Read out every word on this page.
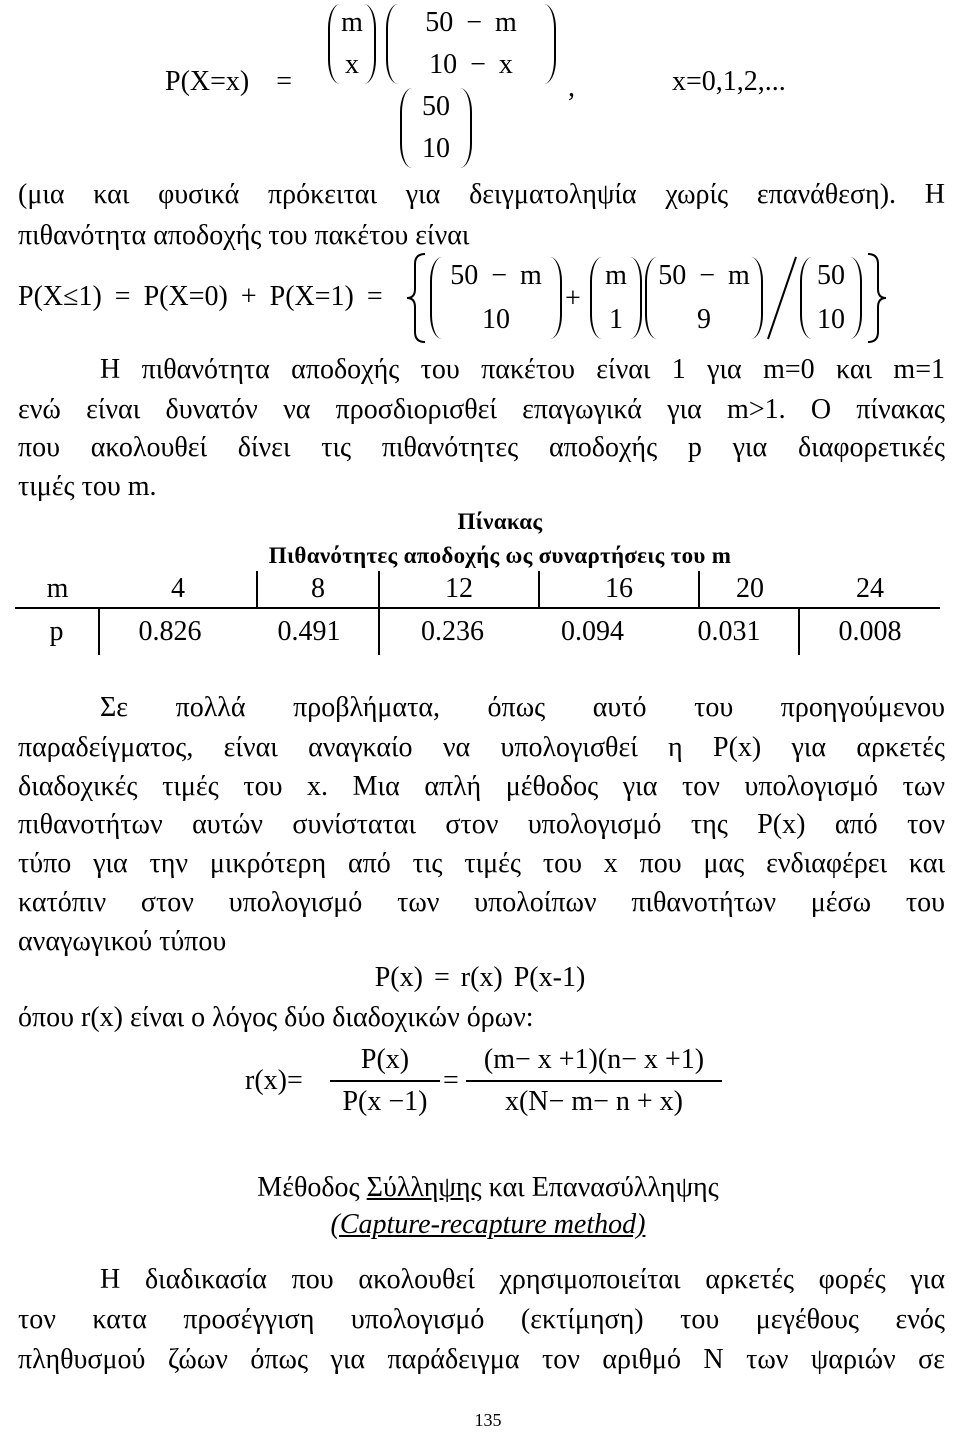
P(X=x) =
m
x
50 − m
10 − x
50
10
,	x=0,1,2,...
(μια και φυσικά πρόκειται για δειγματοληψία χωρίς επανάθεση). Η
πιθανότητα αποδοχής του πακέτου είναι
P(X≤1) = P(X=0) + P(X=1) =
50 − m
10
+
m
1
50 − m
9
50
10
Η πιθανότητα αποδοχής του πακέτου είναι 1 για m=0 και m=1
ενώ είναι δυνατόν να προσδιορισθεί επαγωγικά για m>1. Ο πίνακας
που ακολουθεί δίνει τις πιθανότητες αποδοχής p για διαφορετικές
τιμές του m.
Πίνακας
Πιθανότητες αποδοχής ως συναρτήσεις του m
m	4	8	12	16	20	24
p	0.826	0.491	0.236	0.094	0.031	0.008
Σε πολλά προβλήματα, όπως αυτό του προηγούμενου
παραδείγματος, είναι αναγκαίο να υπολογισθεί η P(x) για αρκετές
διαδοχικές τιμές του x. Μια απλή μέθοδος για τον υπολογισμό των
πιθανοτήτων αυτών συνίσταται στον υπολογισμό της P(x) από τον
τύπο για την μικρότερη από τις τιμές του x που μας ενδιαφέρει και
κατόπιν στον υπολογισμό των υπολοίπων πιθανοτήτων μέσω του
αναγωγικού τύπου
P(x) = r(x) P(x-1)
όπου r(x) είναι ο λόγος δύο διαδοχικών όρων:
r(x)=
P(x)
P(x −1)
=
(m− x +1)(n− x +1)
x(N− m− n + x)
Μέθοδος Σύλληψης και Επανασύλληψης
(Capture-recapture method)
Η διαδικασία που ακολουθεί χρησιμοποιείται αρκετές φορές για
τον κατα προσέγγιση υπολογισμό (εκτίμηση) του μεγέθους ενός
πληθυσμού ζώων όπως για παράδειγμα τον αριθμό N των ψαριών σε
135
